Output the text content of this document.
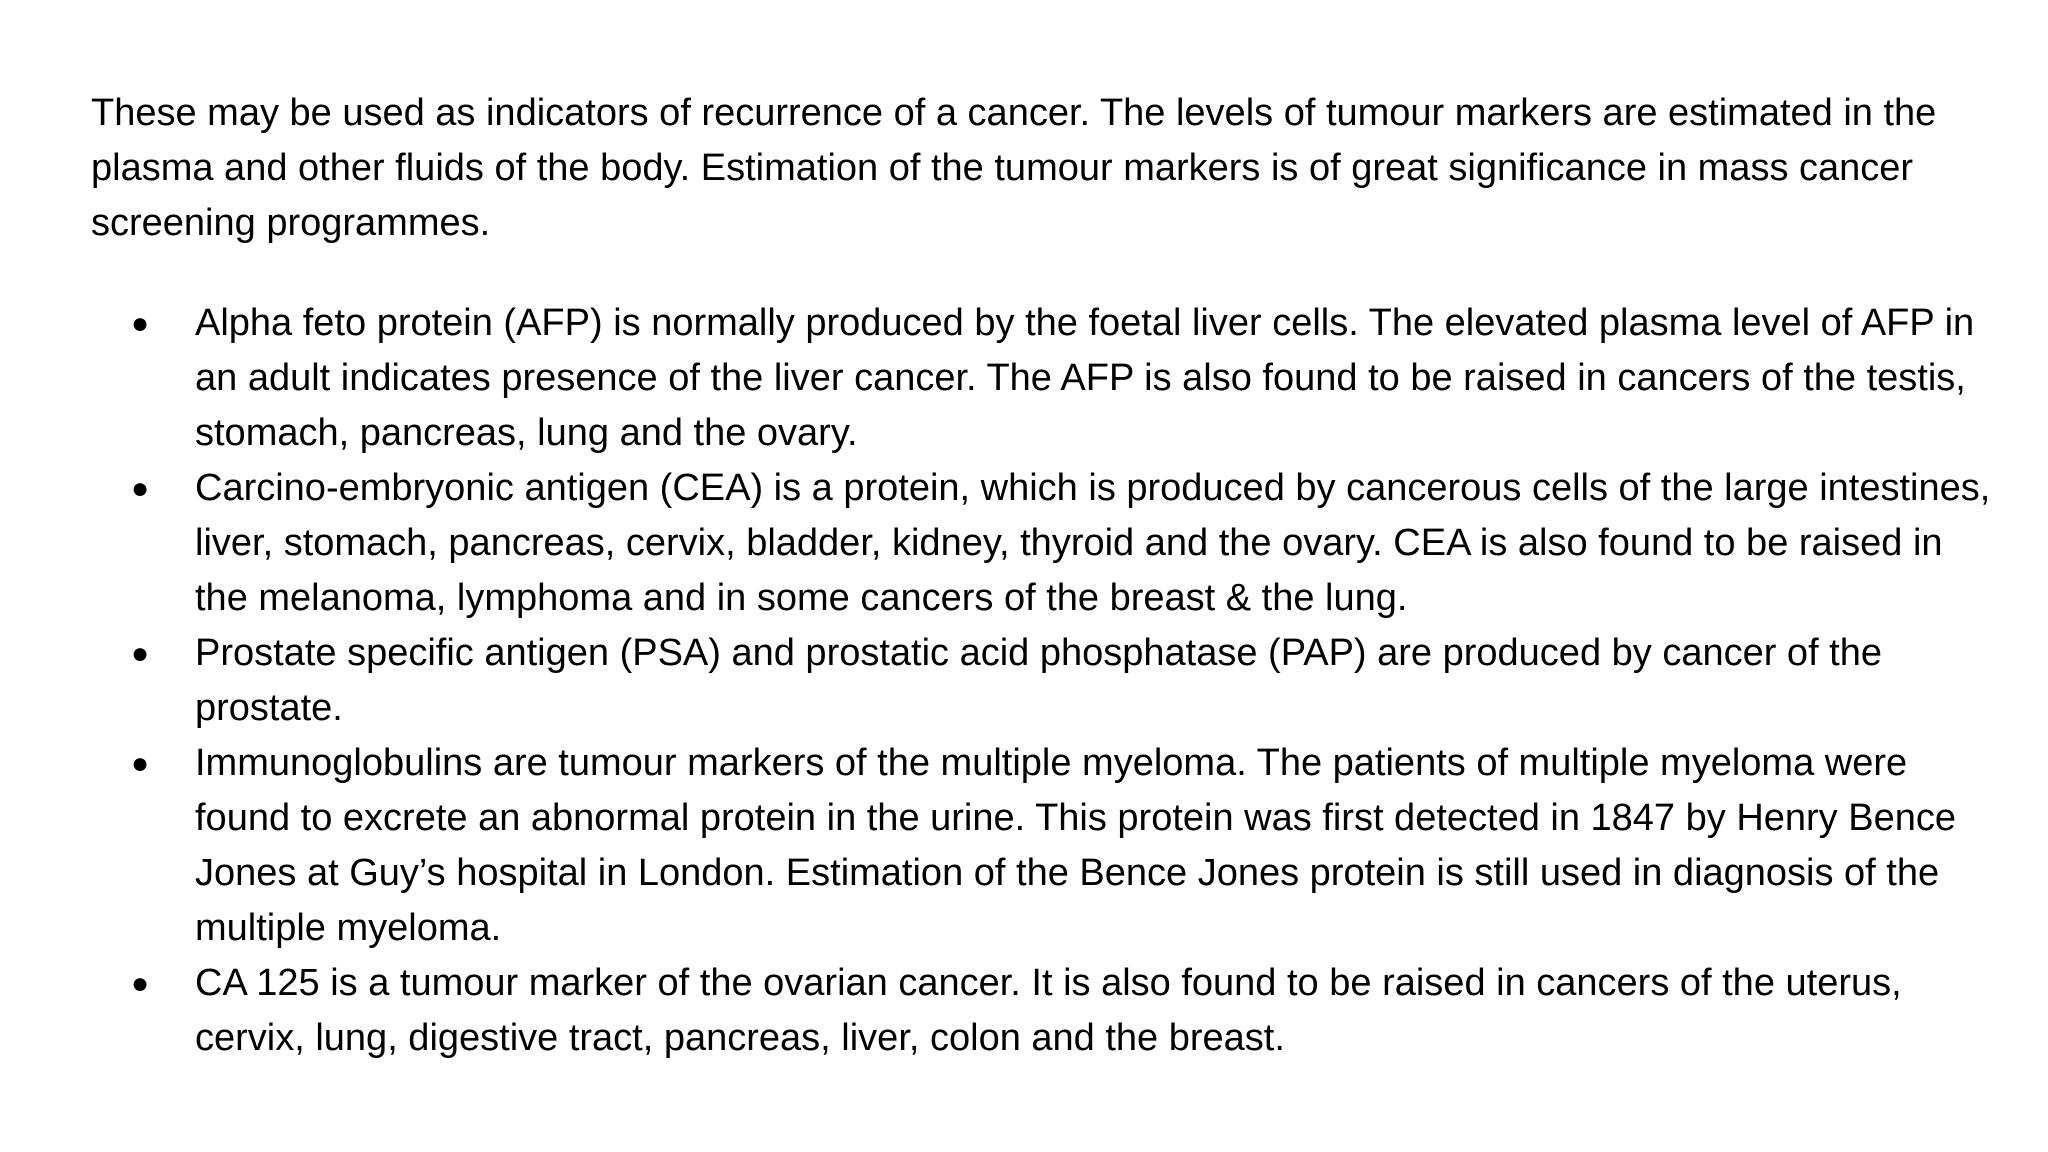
These may be used as indicators of recurrence of a cancer. The levels of tumour markers are estimated in the plasma and other fluids of the body. Estimation of the tumour markers is of great significance in mass cancer screening programmes.

● Alpha feto protein (AFP) is normally produced by the foetal liver cells. The elevated plasma level of AFP in an adult indicates presence of the liver cancer. The AFP is also found to be raised in cancers of the testis, stomach, pancreas, lung and the ovary.
● Carcino-embryonic antigen (CEA) is a protein, which is produced by cancerous cells of the large intestines, liver, stomach, pancreas, cervix, bladder, kidney, thyroid and the ovary. CEA is also found to be raised in the melanoma, lymphoma and in some cancers of the breast & the lung.
● Prostate specific antigen (PSA) and prostatic acid phosphatase (PAP) are produced by cancer of the prostate.
● Immunoglobulins are tumour markers of the multiple myeloma. The patients of multiple myeloma were found to excrete an abnormal protein in the urine. This protein was first detected in 1847 by Henry Bence Jones at Guy’s hospital in London. Estimation of the Bence Jones protein is still used in diagnosis of the multiple myeloma.
● CA 125 is a tumour marker of the ovarian cancer. It is also found to be raised in cancers of the uterus, cervix, lung, digestive tract, pancreas, liver, colon and the breast.
